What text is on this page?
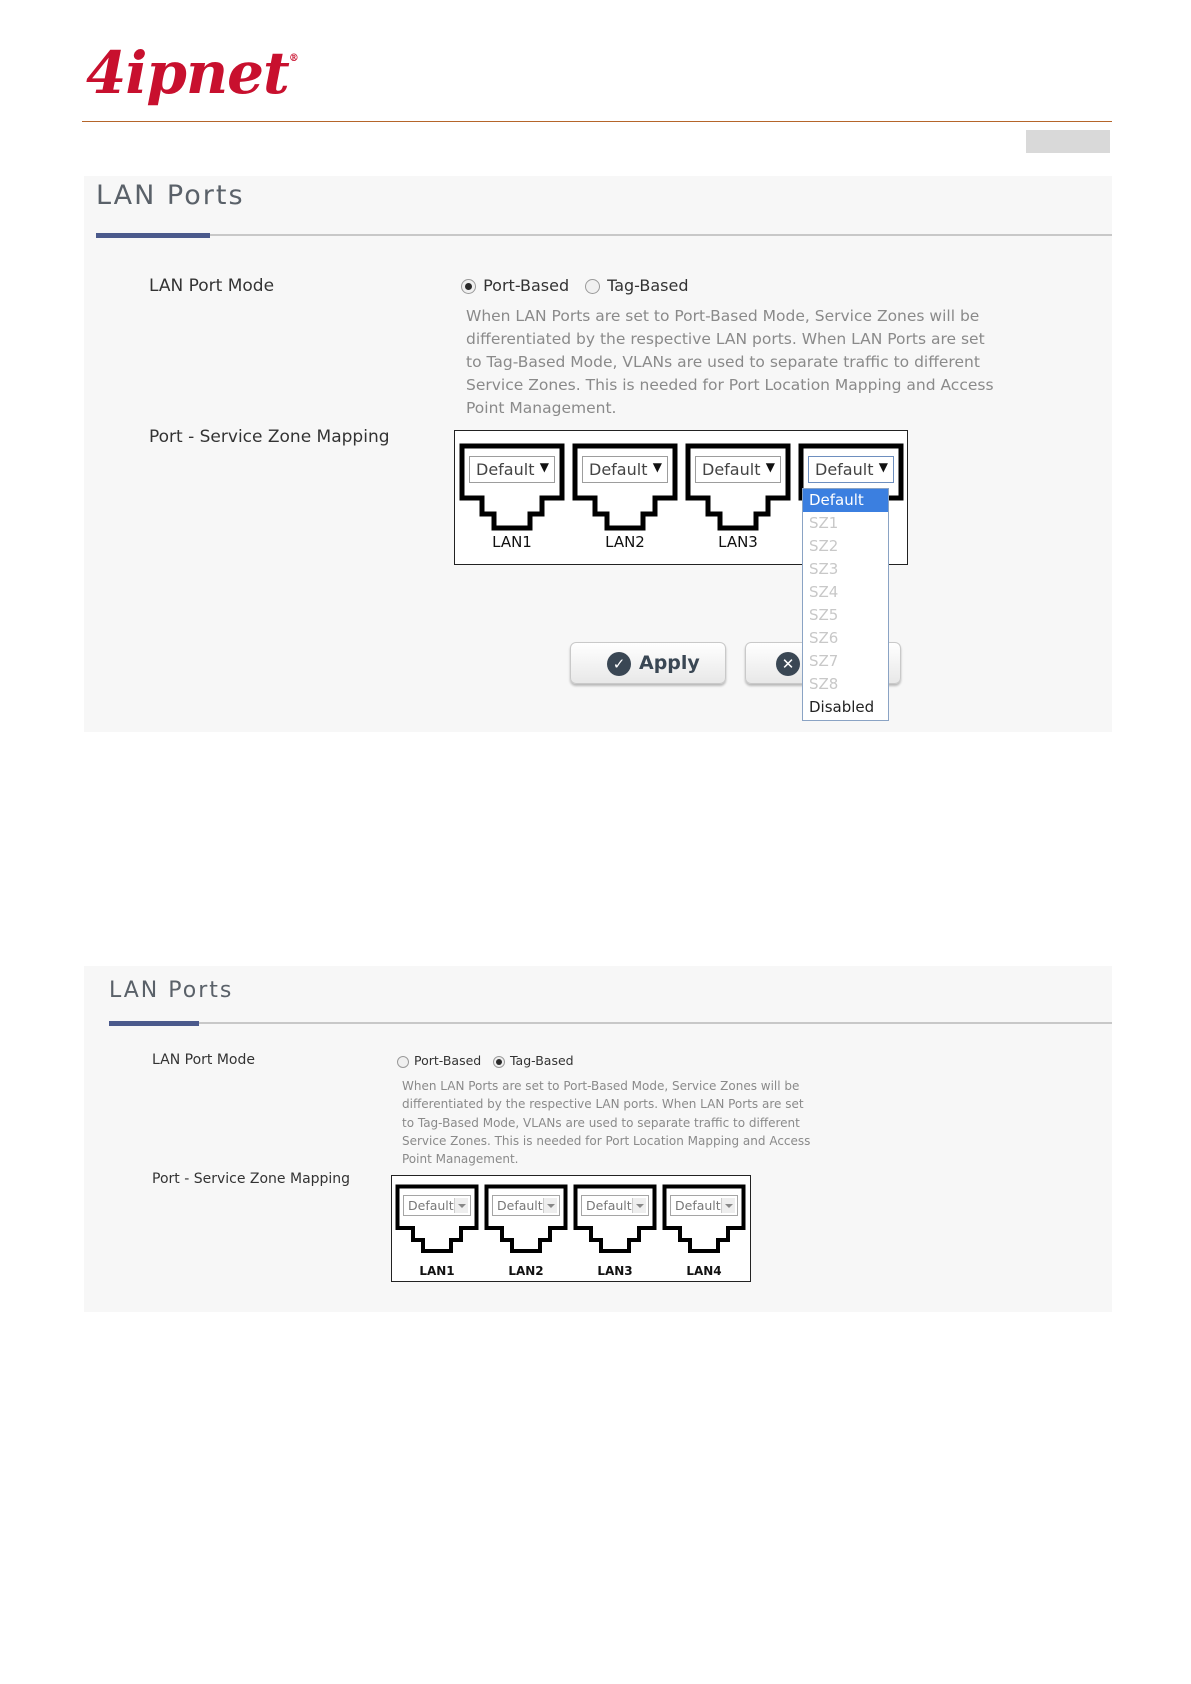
4ipnet®
LAN Ports
LAN Port Mode	Port-Based	Tag-Based
When LAN Ports are set to Port-Based Mode, Service Zones will be
differentiated by the respective LAN ports. When LAN Ports are set
to Tag-Based Mode, VLANs are used to separate traffic to different
Service Zones. This is needed for Port Location Mapping and Access
Point Management.
Port - Service Zone Mapping
Default ▼
LAN1
Default ▼
LAN2
Default ▼
LAN3
Default ▼
✓ Apply	✕
Default
SZ1
SZ2
SZ3
SZ4
SZ5
SZ6
SZ7
SZ8
Disabled
LAN Ports
LAN Port Mode	Port-Based	Tag-Based
When LAN Ports are set to Port-Based Mode, Service Zones will be
differentiated by the respective LAN ports. When LAN Ports are set
to Tag-Based Mode, VLANs are used to separate traffic to different
Service Zones. This is needed for Port Location Mapping and Access
Point Management.
Port - Service Zone Mapping
Default
LAN1
Default
LAN2
Default
LAN3
Default
LAN4
